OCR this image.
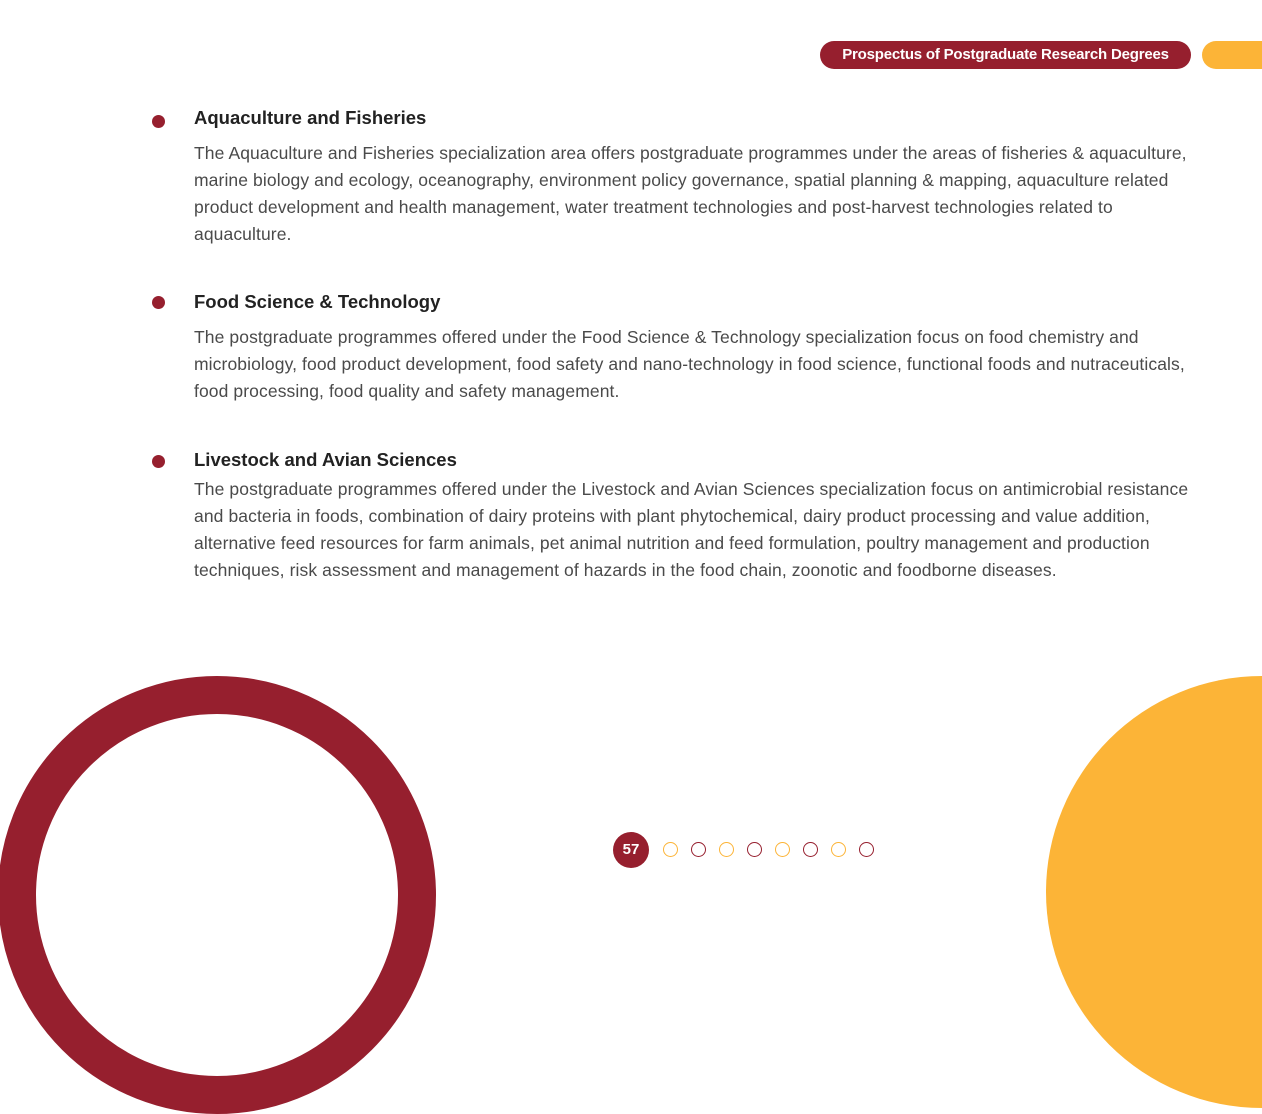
Prospectus of Postgraduate Research Degrees
Aquaculture and Fisheries

The Aquaculture and Fisheries specialization area offers postgraduate programmes under the areas of fisheries & aquaculture, marine biology and ecology, oceanography, environment policy governance, spatial planning & mapping, aquaculture related product development and health management, water treatment technologies and post-harvest technologies related to aquaculture.

Food Science & Technology

The postgraduate programmes offered under the Food Science & Technology specialization focus on food chemistry and microbiology, food product development, food safety and nano-technology in food science, functional foods and nutraceuticals, food processing, food quality and safety management.

Livestock and Avian Sciences

The postgraduate programmes offered under the Livestock and Avian Sciences specialization focus on antimicrobial resistance and bacteria in foods, combination of dairy proteins with plant phytochemical, dairy product processing and value addition, alternative feed resources for farm animals, pet animal nutrition and feed formulation, poultry management and production techniques, risk assessment and management of hazards in the food chain, zoonotic and foodborne diseases.

57
